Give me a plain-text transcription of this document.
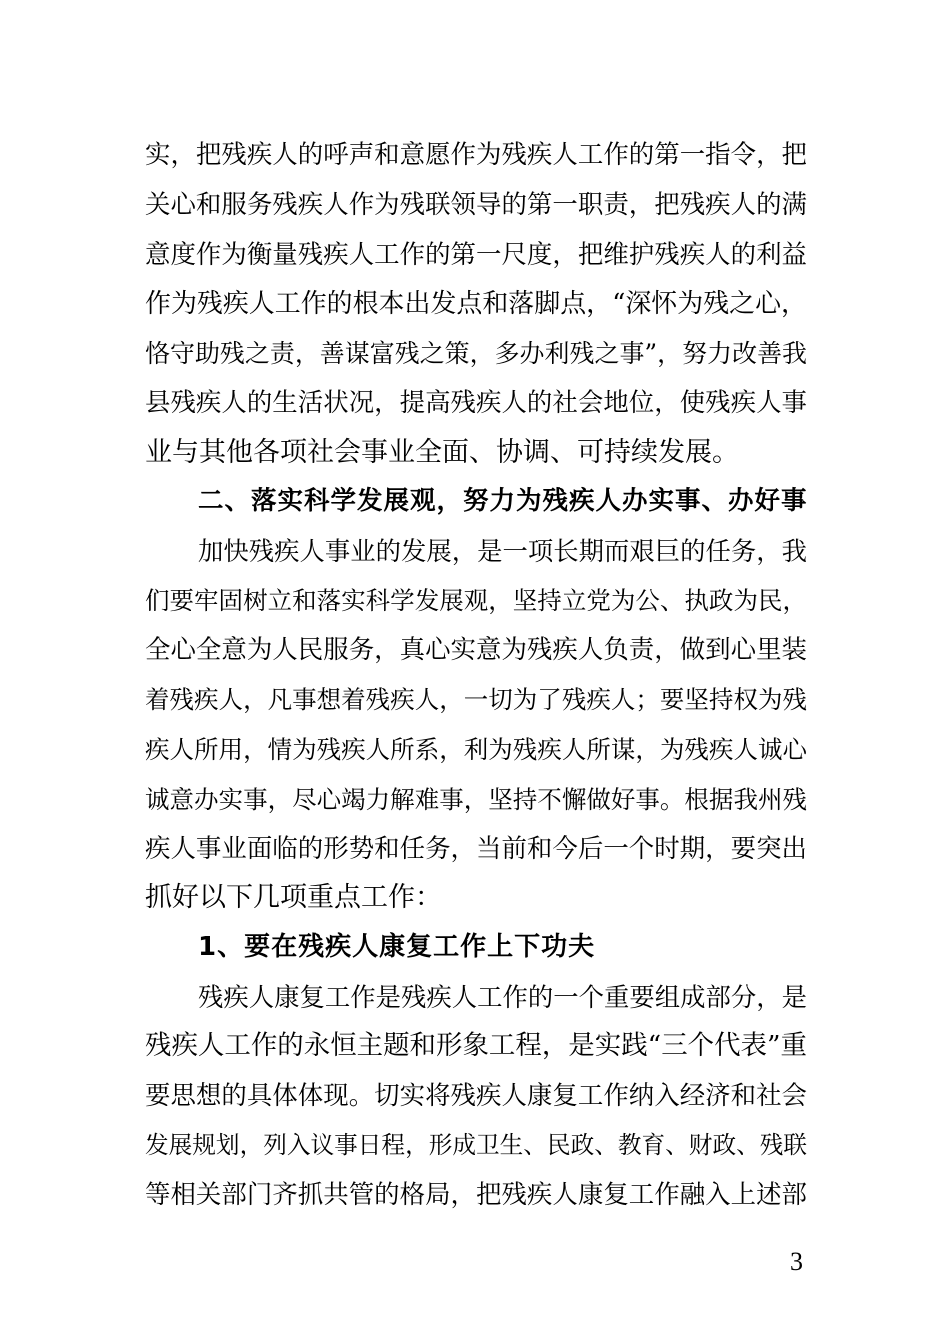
实，把残疾人的呼声和意愿作为残疾人工作的第一指令，把
关心和服务残疾人作为残联领导的第一职责，把残疾人的满
意度作为衡量残疾人工作的第一尺度，把维护残疾人的利益
作为残疾人工作的根本出发点和落脚点，“深怀为残之心，
恪守助残之责，善谋富残之策，多办利残之事”，努力改善我
县残疾人的生活状况，提高残疾人的社会地位，使残疾人事
业与其他各项社会事业全面、协调、可持续发展。
二、落实科学发展观，努力为残疾人办实事、办好事
加快残疾人事业的发展，是一项长期而艰巨的任务，我
们要牢固树立和落实科学发展观，坚持立党为公、执政为民，
全心全意为人民服务，真心实意为残疾人负责，做到心里装
着残疾人，凡事想着残疾人，一切为了残疾人；要坚持权为残
疾人所用，情为残疾人所系，利为残疾人所谋，为残疾人诚心
诚意办实事，尽心竭力解难事，坚持不懈做好事。根据我州残
疾人事业面临的形势和任务，当前和今后一个时期，要突出
抓好以下几项重点工作：
1、要在残疾人康复工作上下功夫
残疾人康复工作是残疾人工作的一个重要组成部分，是
残疾人工作的永恒主题和形象工程，是实践“三个代表”重
要思想的具体体现。切实将残疾人康复工作纳入经济和社会
发展规划，列入议事日程，形成卫生、民政、教育、财政、残联
等相关部门齐抓共管的格局，把残疾人康复工作融入上述部
3
